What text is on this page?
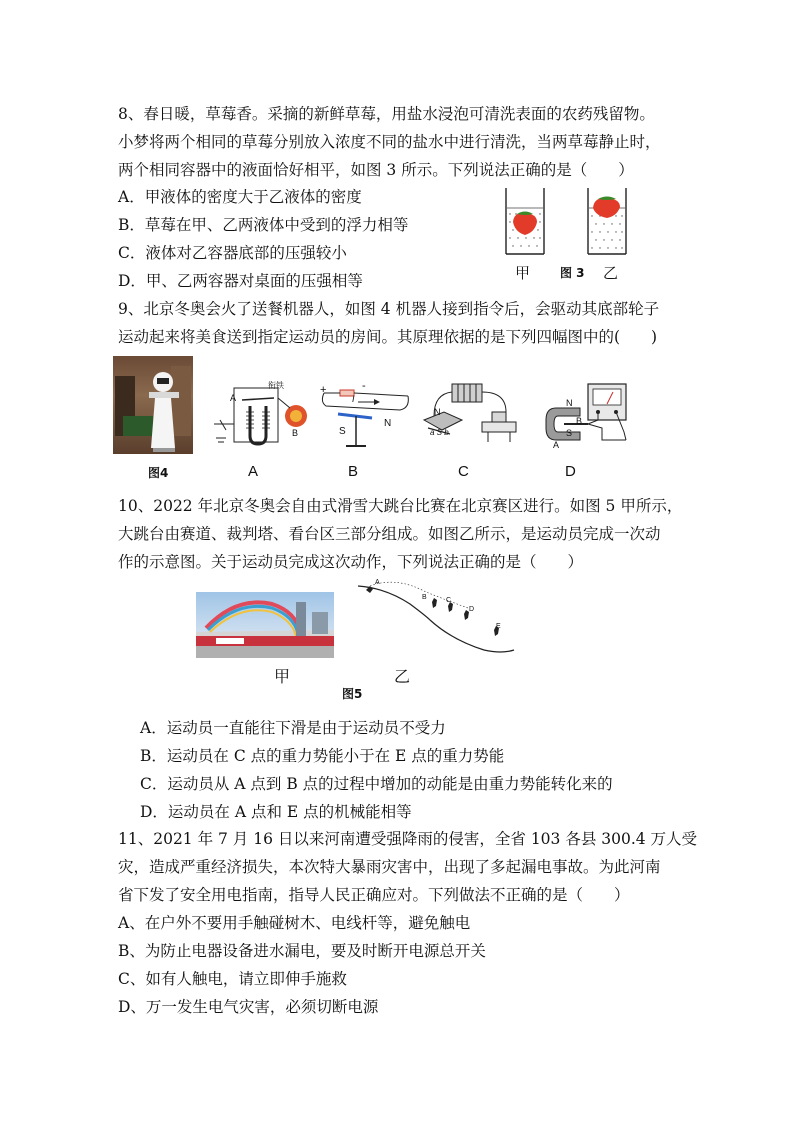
8、春日暖，草莓香。采摘的新鲜草莓，用盐水浸泡可清洗表面的农药残留物。
小梦将两个相同的草莓分别放入浓度不同的盐水中进行清洗，当两草莓静止时，
两个相同容器中的液面恰好相平，如图 3 所示。下列说法正确的是（　　）
A．甲液体的密度大于乙液体的密度
B．草莓在甲、乙两液体中受到的浮力相等
C．液体对乙容器底部的压强较小
D．甲、乙两容器对桌面的压强相等	甲 图 3 乙
9、北京冬奥会火了送餐机器人，如图 4 机器人接到指令后，会驱动其底部轮子
运动起来将美食送到指定运动员的房间。其原理依据的是下列四幅图中的(　　)
图4
衔铁
A
B
A
+	-
I
S
N
B
N
a S b
C
N
S
A
B
D
10、2022 年北京冬奥会自由式滑雪大跳台比赛在北京赛区进行。如图 5 甲所示，
大跳台由赛道、裁判塔、看台区三部分组成。如图乙所示，是运动员完成一次动
作的示意图。关于运动员完成这次动作，下列说法正确的是（　　）
甲
A
B	C
D
E
乙
图5
A．运动员一直能往下滑是由于运动员不受力
B．运动员在 C 点的重力势能小于在 E 点的重力势能
C．运动员从 A 点到 B 点的过程中增加的动能是由重力势能转化来的
D．运动员在 A 点和 E 点的机械能相等
11、2021 年 7 月 16 日以来河南遭受强降雨的侵害，全省 103 各县 300.4 万人受
灾，造成严重经济损失，本次特大暴雨灾害中，出现了多起漏电事故。为此河南
省下发了安全用电指南，指导人民正确应对。下列做法不正确的是（　　）
A、在户外不要用手触碰树木、电线杆等，避免触电
B、为防止电器设备进水漏电，要及时断开电源总开关
C、如有人触电，请立即伸手施救
D、万一发生电气灾害，必须切断电源
